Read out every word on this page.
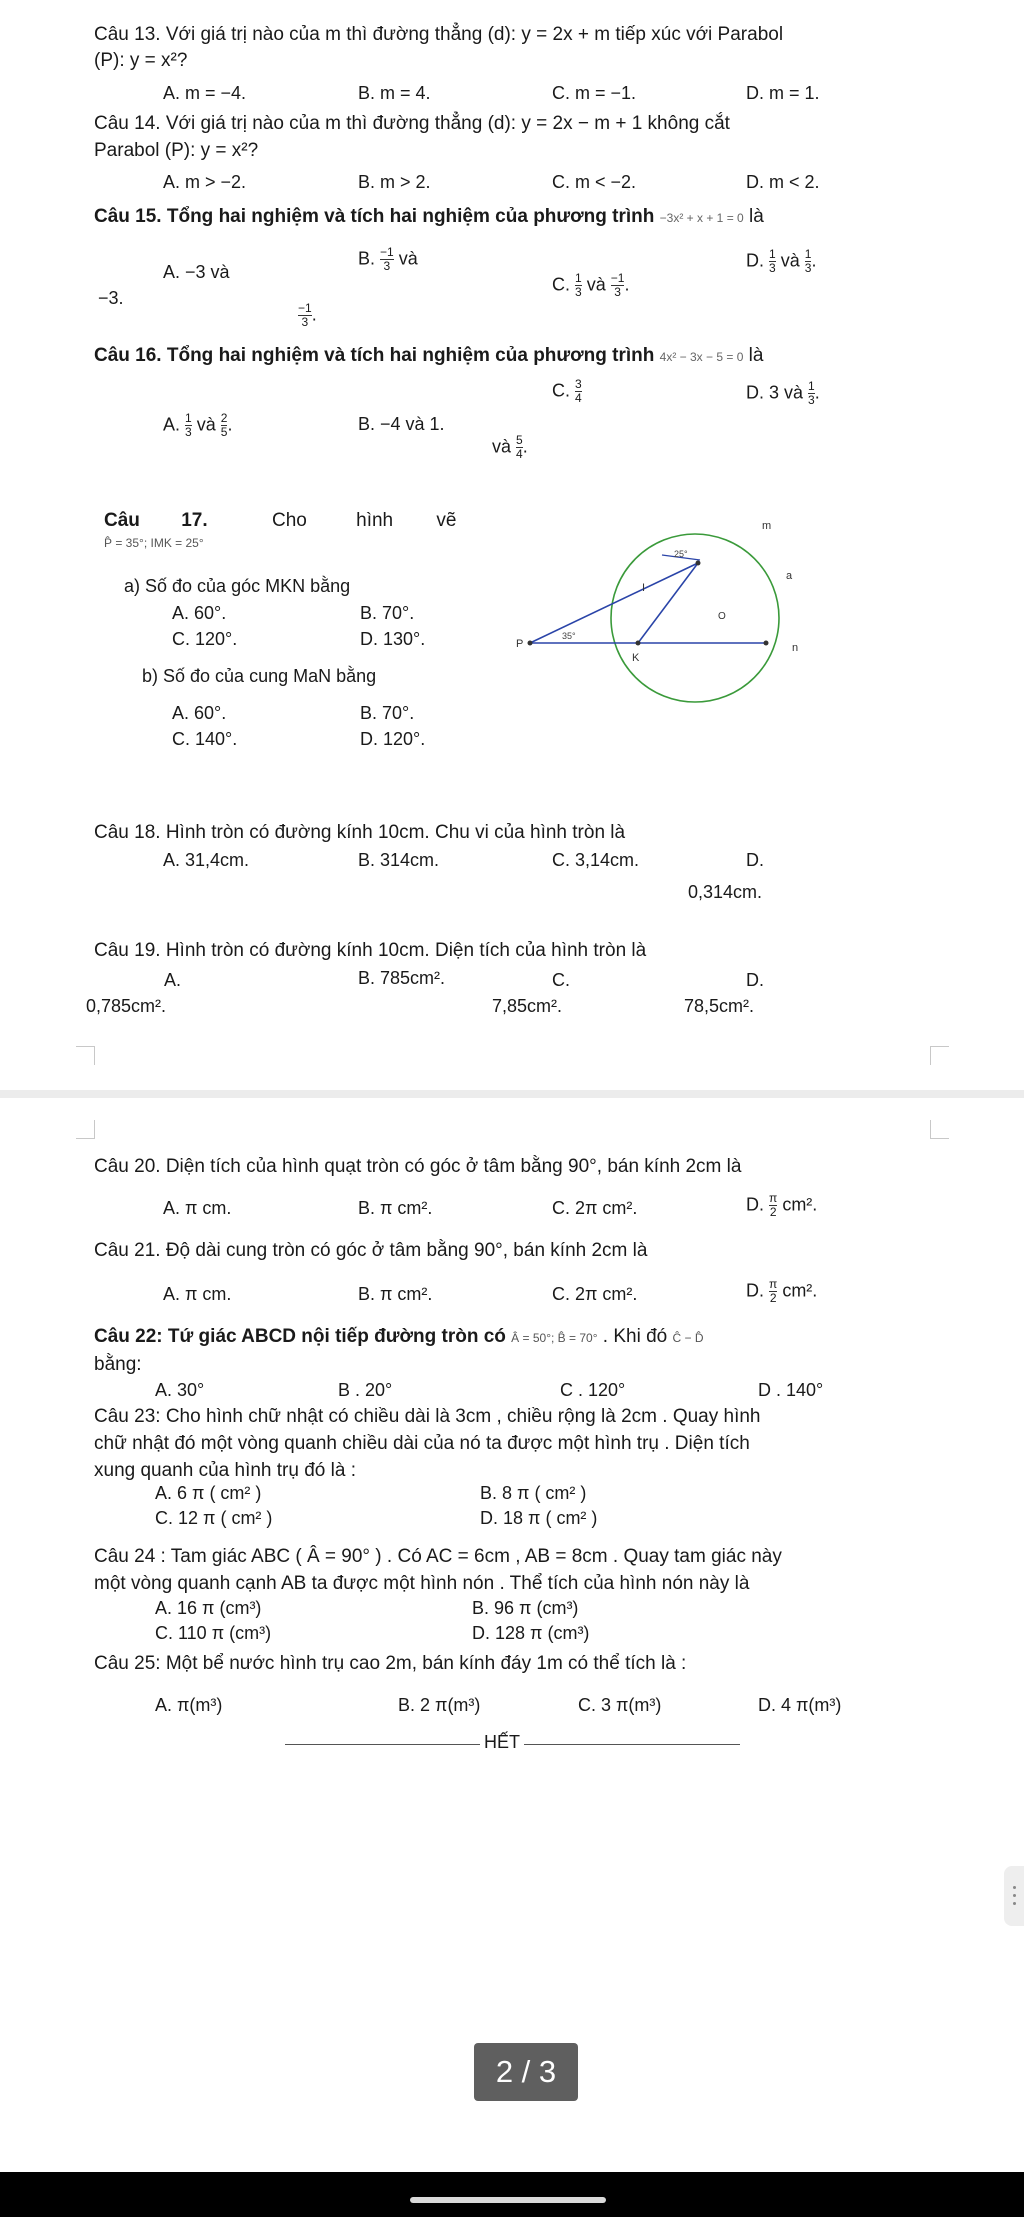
Câu 13. Với giá trị nào của m thì đường thẳng (d): y = 2x + m tiếp xúc với Parabol
(P): y = x²?
A. m = −4.	B. m = 4.	C. m = −1.	D. m = 1.
Câu 14. Với giá trị nào của m thì đường thẳng (d): y = 2x − m + 1 không cắt
Parabol (P): y = x²?
A. m > −2.	B. m > 2.	C. m < −2.	D. m < 2.
Câu 15. Tổng hai nghiệm và tích hai nghiệm của phương trình −3x² + x + 1 = 0 là
A. −3 và
−3.
B. $\frac{-1}{3}$ và
$\frac{-1}{3}$ .
C. $\frac{1}{3}$ và $\frac{-1}{3}$ .
D. $\frac{1}{3}$ và $\frac{1}{3}$ .
Câu 16. Tổng hai nghiệm và tích hai nghiệm của phương trình 4x² − 3x − 5 = 0 là
A. $\frac{1}{3}$ và $\frac{2}{5}$ .	B. −4 và 1.
C. $\frac{3}{4}$
và $\frac{5}{4}$ .
D. 3 và $\frac{1}{3}$ .
Câu 17.	Cho	hình vẽ
P̂ = 35°; IMK = 25°
a) Số đo của góc MKN bằng
A. 60°.	B. 70°.
C. 120°.	D. 130°.
b) Số đo của cung MaN bằng
A. 60°.	B. 70°.
C. 140°.	D. 120°.
m
a
n
P
K
I
O
35°
25°
Câu 18. Hình tròn có đường kính 10cm. Chu vi của hình tròn là
A. 31,4cm.	B. 314cm.	C. 3,14cm.	D.
0,314cm.
Câu 19. Hình tròn có đường kính 10cm. Diện tích của hình tròn là
A.
0,785cm².
B. 785cm².	C.
7,85cm².
D.
78,5cm².
Câu 20. Diện tích của hình quạt tròn có góc ở tâm bằng 90°, bán kính 2cm là
A. π cm.	B. π cm².	C. 2π cm².	D. $\frac{\pi}{2} cm^2$.
Câu 21. Độ dài cung tròn có góc ở tâm bằng 90°, bán kính 2cm là
A. π cm.	B. π cm².	C. 2π cm².	D. $\frac{\pi}{2} cm^2$.
Câu 22: Tứ giác ABCD nội tiếp đường tròn có Â = 50°; B̂ = 70° . Khi đó Ĉ − D̂
bằng:
A. 30°	B . 20°	C . 120°	D . 140°
Câu 23: Cho hình chữ nhật có chiều dài là 3cm , chiều rộng là 2cm . Quay hình
chữ nhật đó một vòng quanh chiều dài của nó ta được một hình trụ . Diện tích
xung quanh của hình trụ đó là :
A. 6 π ( cm² )	B. 8 π ( cm² )
C. 12 π ( cm² )	D. 18 π ( cm² )
Câu 24 : Tam giác ABC ( Â = 90° ) . Có AC = 6cm , AB = 8cm . Quay tam giác này
một vòng quanh cạnh AB ta được một hình nón . Thể tích của hình nón này là
A. 16 π (cm³)	B. 96 π (cm³)
C. 110 π (cm³)	D. 128 π (cm³)
Câu 25: Một bể nước hình trụ cao 2m, bán kính đáy 1m có thể tích là :
A. π(m³)	B. 2 π(m³)	C. 3 π(m³)	D. 4 π(m³)
HẾT
2 / 3
